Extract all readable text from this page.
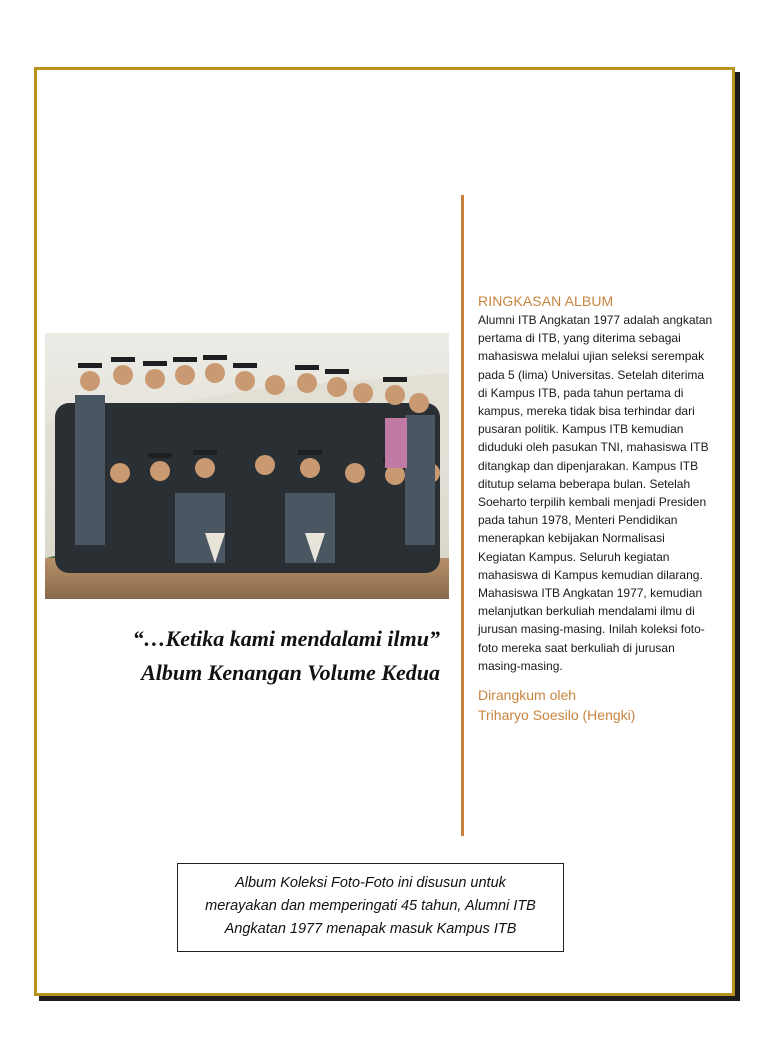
“…Ketika kami mendalami ilmu”
Album Kenangan Volume Kedua
RINGKASAN ALBUM
Alumni ITB Angkatan 1977 adalah angkatan
pertama di ITB, yang diterima sebagai
mahasiswa melalui ujian seleksi serempak
pada 5 (lima) Universitas. Setelah diterima
di Kampus ITB, pada tahun pertama di
kampus, mereka tidak bisa terhindar dari
pusaran politik. Kampus ITB kemudian
diduduki oleh pasukan TNI, mahasiswa ITB
ditangkap dan dipenjarakan. Kampus ITB
ditutup selama beberapa bulan. Setelah
Soeharto terpilih kembali menjadi Presiden
pada tahun 1978, Menteri Pendidikan
menerapkan kebijakan Normalisasi
Kegiatan Kampus. Seluruh kegiatan
mahasiswa di Kampus kemudian dilarang.
Mahasiswa ITB Angkatan 1977, kemudian
melanjutkan berkuliah mendalami ilmu di
jurusan masing-masing. Inilah koleksi foto-
foto mereka saat berkuliah di jurusan
masing-masing.
Dirangkum oleh
Triharyo Soesilo (Hengki)
Album Koleksi Foto-Foto ini disusun untuk
merayakan dan memperingati 45 tahun, Alumni ITB
Angkatan 1977 menapak masuk Kampus ITB
